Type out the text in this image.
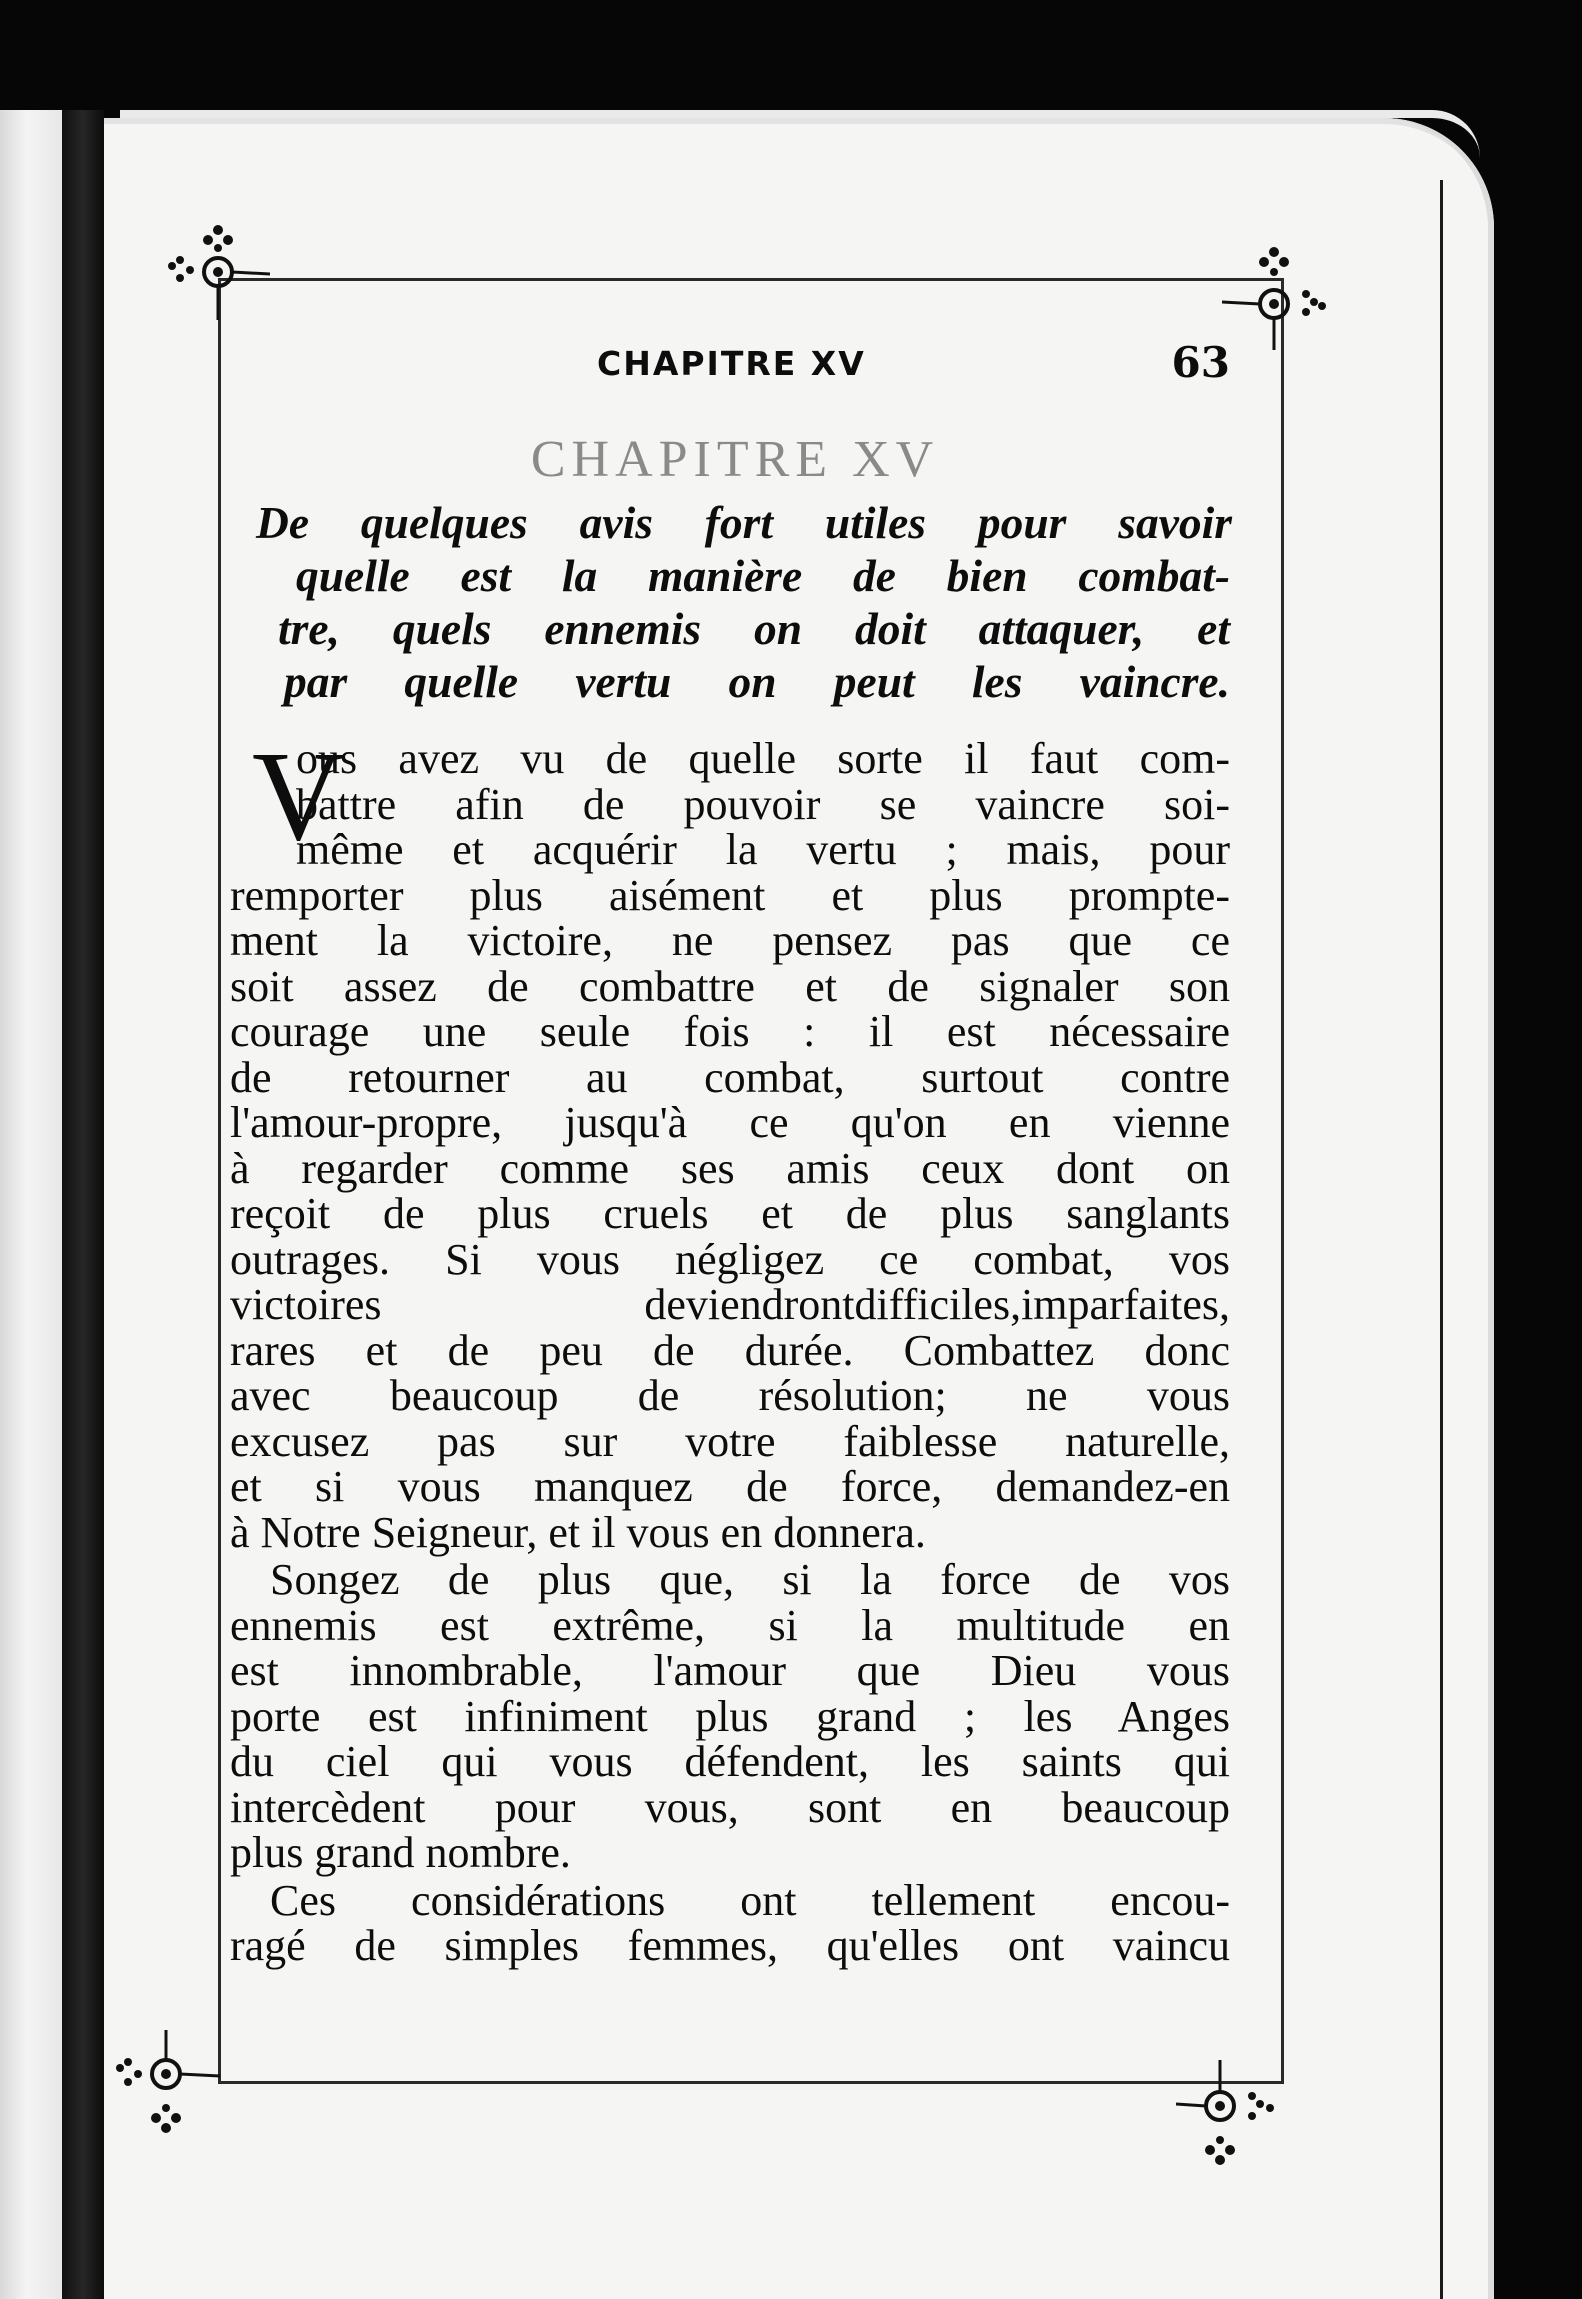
CHAPITRE XV	63
CHAPITRE XV
De quelques avis fort utiles pour savoir
quelle est la manière de bien combat-
tre, quels ennemis on doit attaquer, et
par quelle vertu on peut les vaincre.
V
ous avez vu de quelle sorte il faut com-
battre afin de pouvoir se vaincre soi-
même et acquérir la vertu ; mais, pour
remporter plus aisément et plus prompte-
ment la victoire, ne pensez pas que ce
soit assez de combattre et de signaler son
courage une seule fois : il est nécessaire
de retourner au combat, surtout contre
l'amour-propre, jusqu'à ce qu'on en vienne
à regarder comme ses amis ceux dont on
reçoit de plus cruels et de plus sanglants
outrages. Si vous négligez ce combat, vos
victoires deviendrontdifficiles,imparfaites,
rares et de peu de durée. Combattez donc
avec beaucoup de résolution; ne vous
excusez pas sur votre faiblesse naturelle,
et si vous manquez de force, demandez-en
à Notre Seigneur, et il vous en donnera.
Songez de plus que, si la force de vos
ennemis est extrême, si la multitude en
est innombrable, l'amour que Dieu vous
porte est infiniment plus grand ; les Anges
du ciel qui vous défendent, les saints qui
intercèdent pour vous, sont en beaucoup
plus grand nombre.
Ces considérations ont tellement encou-
ragé de simples femmes, qu'elles ont vaincu
